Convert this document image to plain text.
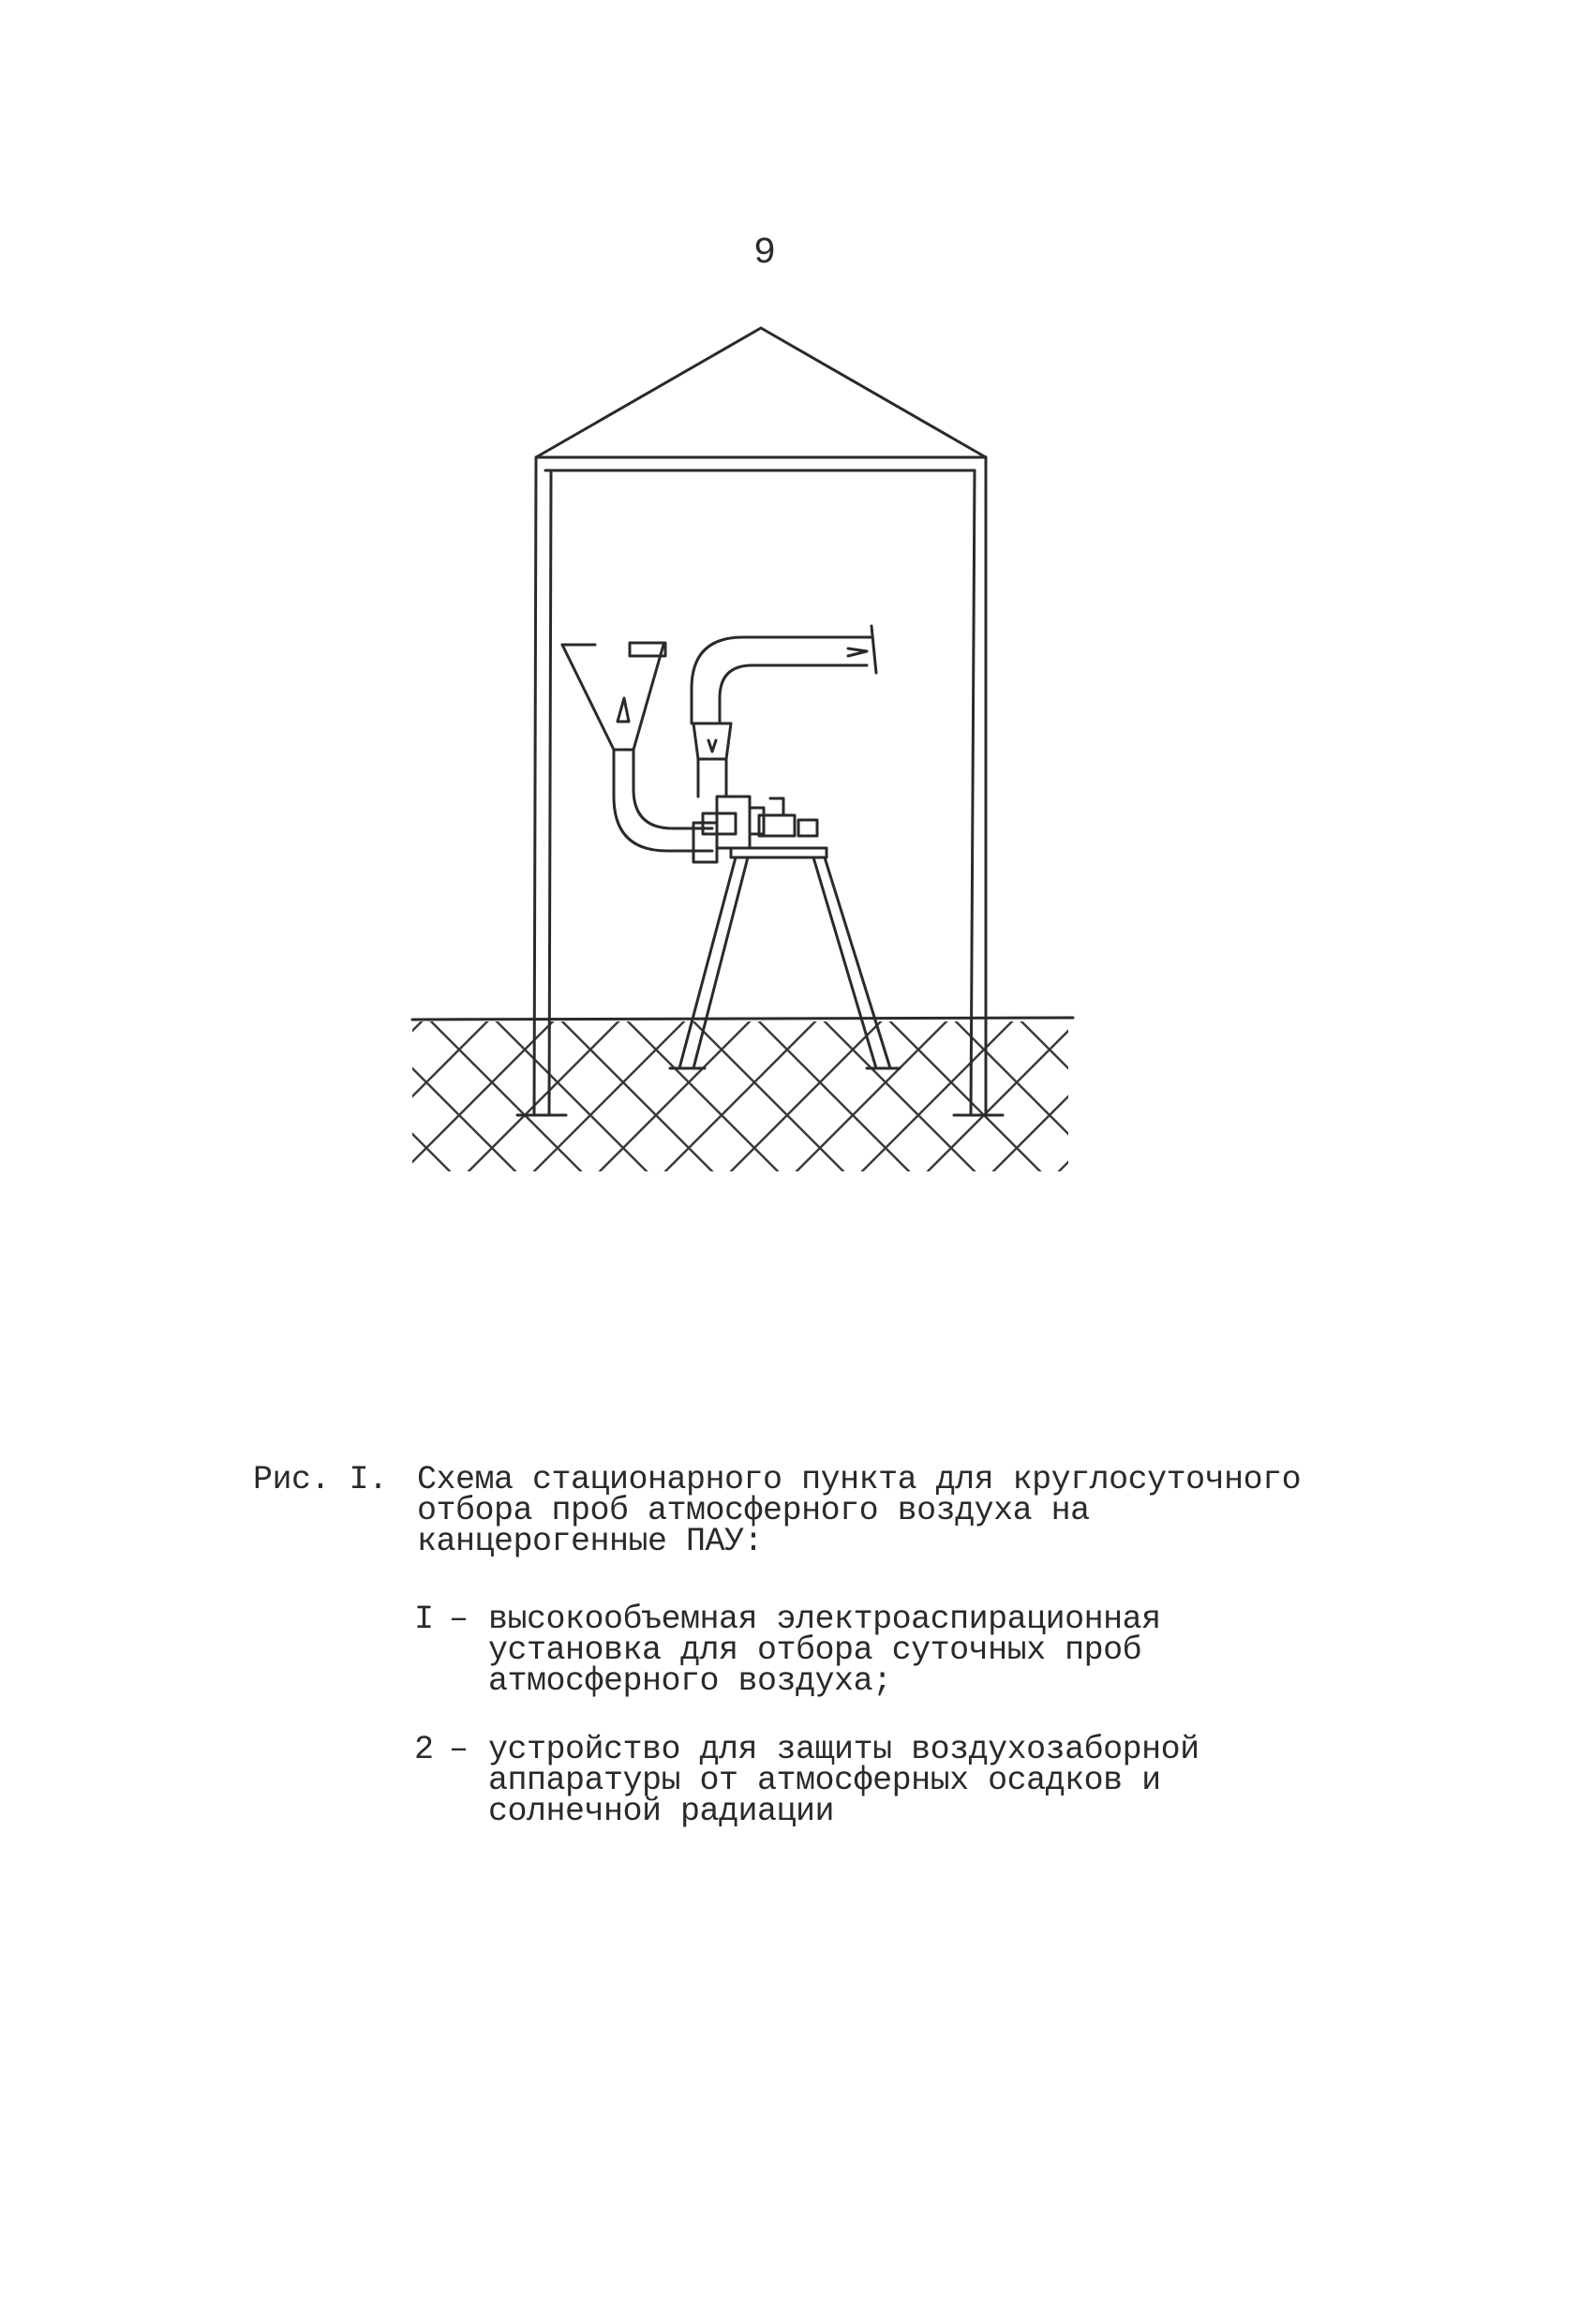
9
Рис. I. Схема стационарного пункта для круглосуточного отбора проб атмосферного воздуха на канцерогенные ПАУ:
I – высокообъемная электроаспирационная установка для отбора суточных проб атмосферного воздуха;
2 – устройство для защиты воздухозаборной аппаратуры от атмосферных осадков и солнечной радиации
